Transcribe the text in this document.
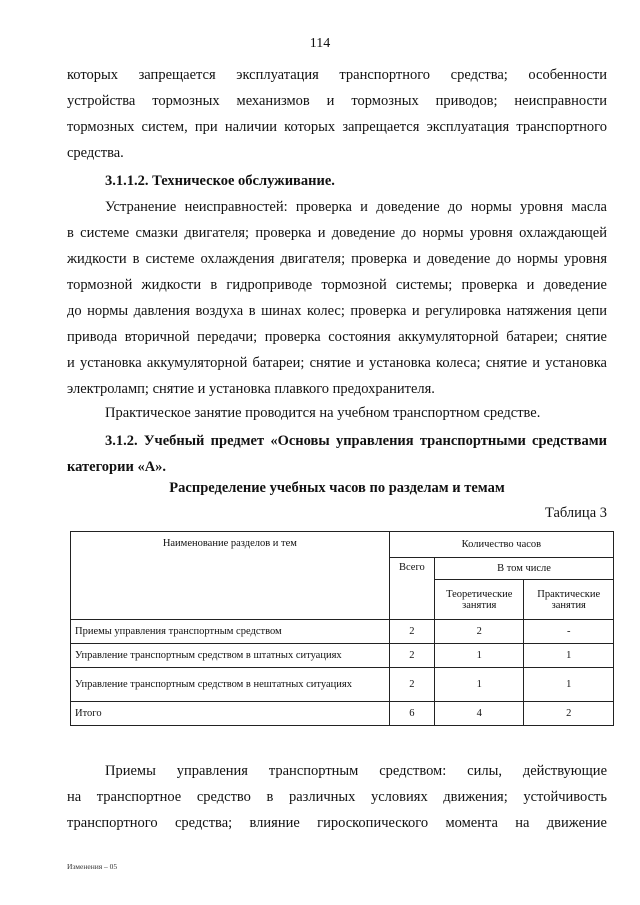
114
которых запрещается эксплуатация транспортного средства; особенности
устройства тормозных механизмов и тормозных приводов; неисправности
тормозных систем, при наличии которых запрещается эксплуатация транспортного
средства.
3.1.1.2. Техническое обслуживание.
Устранение неисправностей: проверка и доведение до нормы уровня масла
в системе смазки двигателя; проверка и доведение до нормы уровня охлаждающей
жидкости в системе охлаждения двигателя; проверка и доведение до нормы уровня
тормозной жидкости в гидроприводе тормозной системы; проверка и доведение
до нормы давления воздуха в шинах колес; проверка и регулировка натяжения цепи
привода вторичной передачи; проверка состояния аккумуляторной батареи; снятие
и установка аккумуляторной батареи; снятие и установка колеса; снятие и установка
электроламп; снятие и установка плавкого предохранителя.
Практическое занятие проводится на учебном транспортном средстве.
3.1.2. Учебный предмет «Основы управления транспортными средствами
категории «А».
Распределение учебных часов по разделам и темам
Таблица 3
Наименование разделов и тем	Количество часов		
	Всего	В том числе	
		Теоретические занятия	Практические занятия
Приемы управления транспортным средством	2	2	-
Управление транспортным средством в штатных ситуациях	2	1	1
Управление транспортным средством в нештатных ситуациях	2	1	1
Итого	6	4	2
Приемы управления транспортным средством: силы, действующие
на транспортное средство в различных условиях движения; устойчивость
транспортного средства; влияние гироскопического момента на движение
Изменения – 05
